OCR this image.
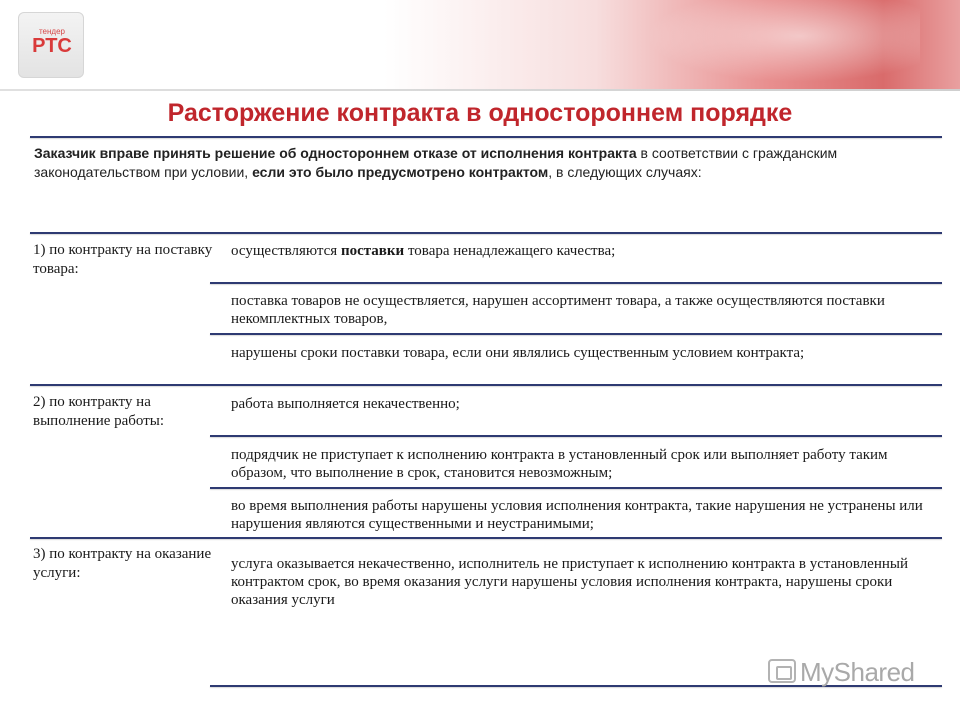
тендер
РТС
Расторжение контракта в одностороннем порядке
Заказчик вправе принять решение об одностороннем отказе от исполнения контракта в соответствии с гражданским законодательством при условии, если это было предусмотрено контрактом, в следующих случаях:
1) по контракту на поставку товара:
осуществляются поставки товара ненадлежащего качества;
поставка товаров не осуществляется, нарушен ассортимент товара, а также осуществляются поставки некомплектных товаров,
нарушены сроки поставки товара, если они являлись существенным условием контракта;
2) по контракту на выполнение работы:
работа выполняется некачественно;
подрядчик не приступает к исполнению контракта в установленный срок или выполняет работу таким образом, что выполнение в срок, становится невозможным;
во время выполнения работы нарушены условия исполнения контракта, такие нарушения не устранены или нарушения являются существенными и неустранимыми;
3) по контракту на оказание услуги:
услуга оказывается некачественно, исполнитель не приступает к исполнению контракта в установленный контрактом срок, во время оказания услуги нарушены условия исполнения контракта, нарушены сроки оказания услуги
MyShared
